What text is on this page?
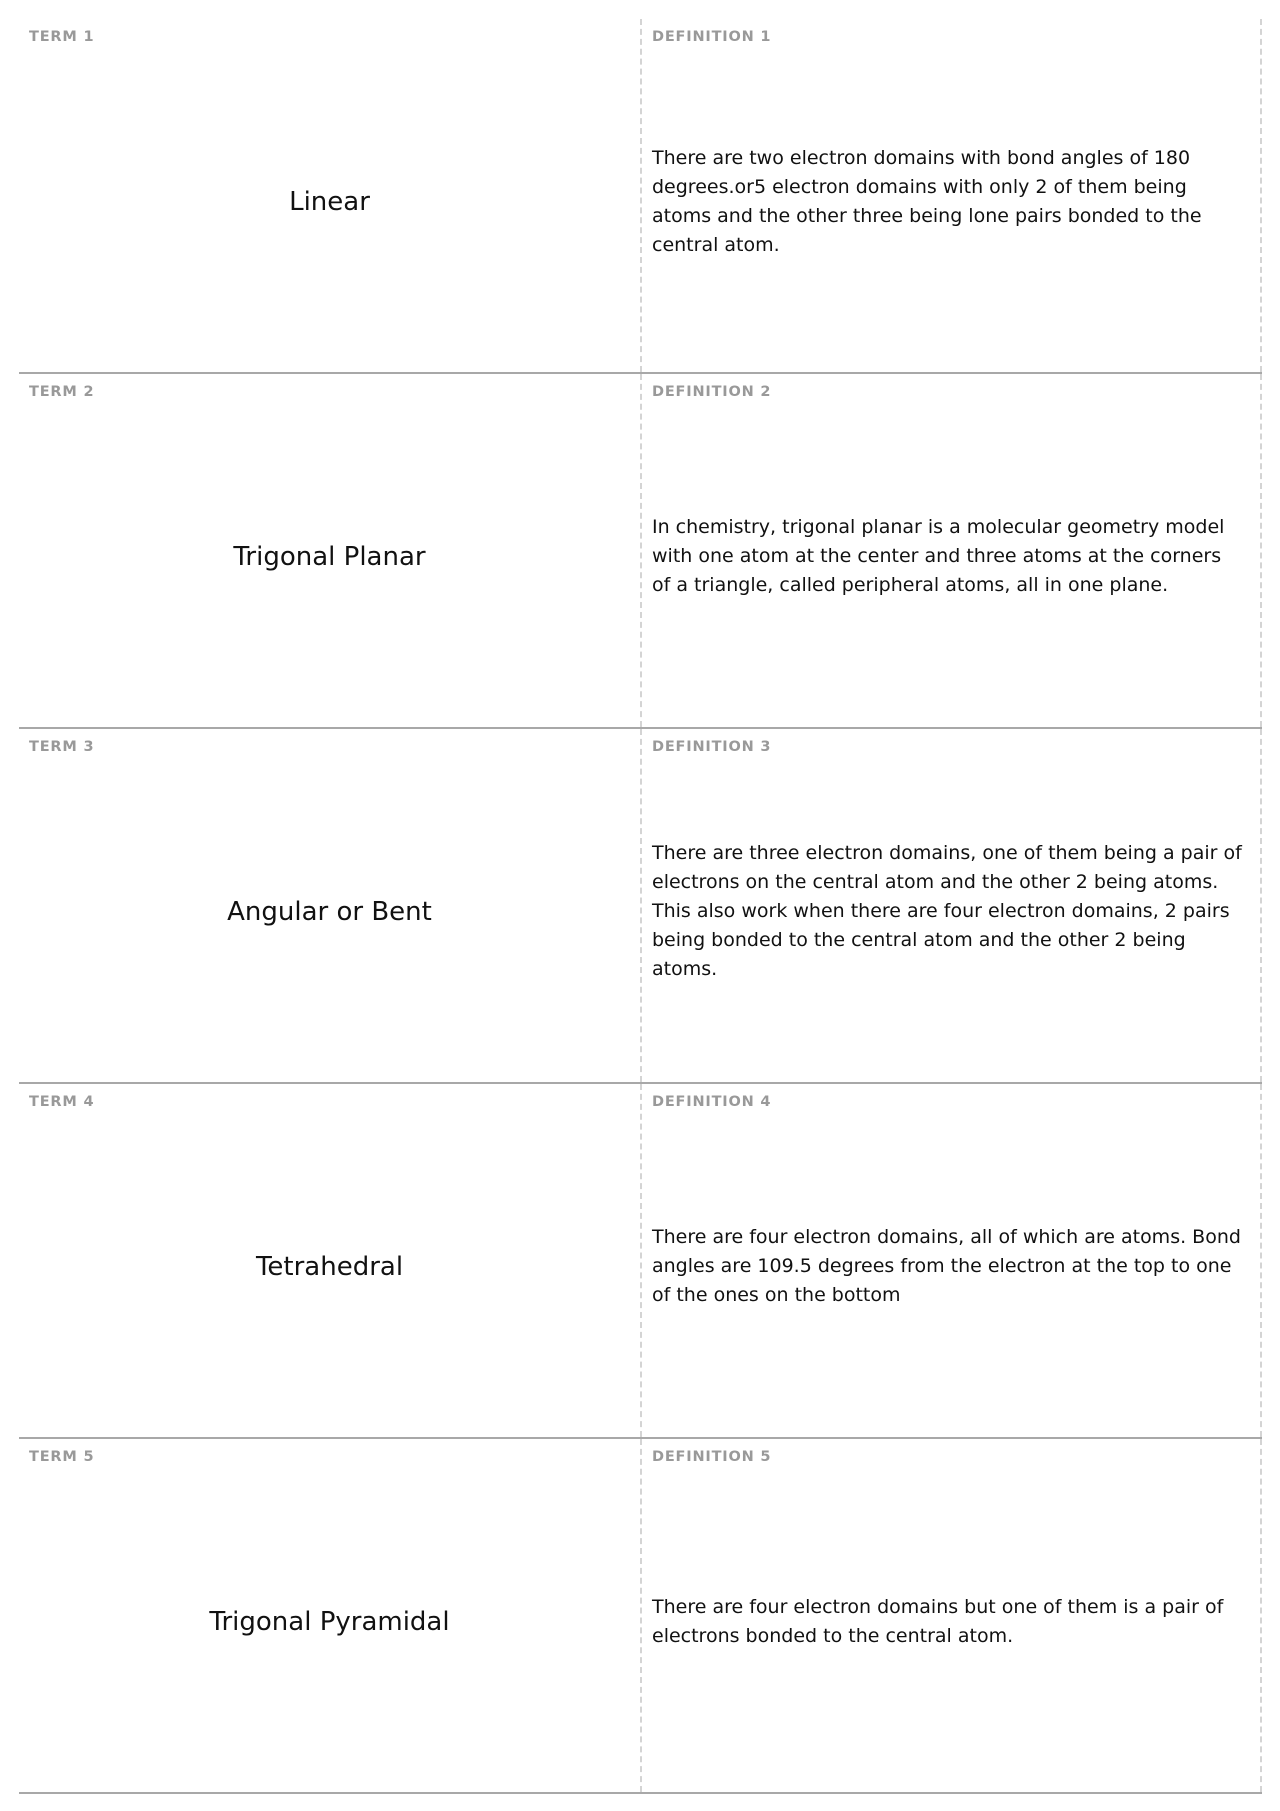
TERM 1
Linear
DEFINITION 1
There are two electron domains with bond angles of 180 degrees.or5 electron domains with only 2 of them being atoms and the other three being lone pairs bonded to the central atom.
TERM 2
Trigonal Planar
DEFINITION 2
In chemistry, trigonal planar is a molecular geometry model with one atom at the center and three atoms at the corners of a triangle, called peripheral atoms, all in one plane.
TERM 3
Angular or Bent
DEFINITION 3
There are three electron domains, one of them being a pair of electrons on the central atom and the other 2 being atoms. This also work when there are four electron domains, 2 pairs being bonded to the central atom and the other 2 being atoms.
TERM 4
Tetrahedral
DEFINITION 4
There are four electron domains, all of which are atoms. Bond angles are 109.5 degrees from the electron at the top to one of the ones on the bottom
TERM 5
Trigonal Pyramidal
DEFINITION 5
There are four electron domains but one of them is a pair of electrons bonded to the central atom.
